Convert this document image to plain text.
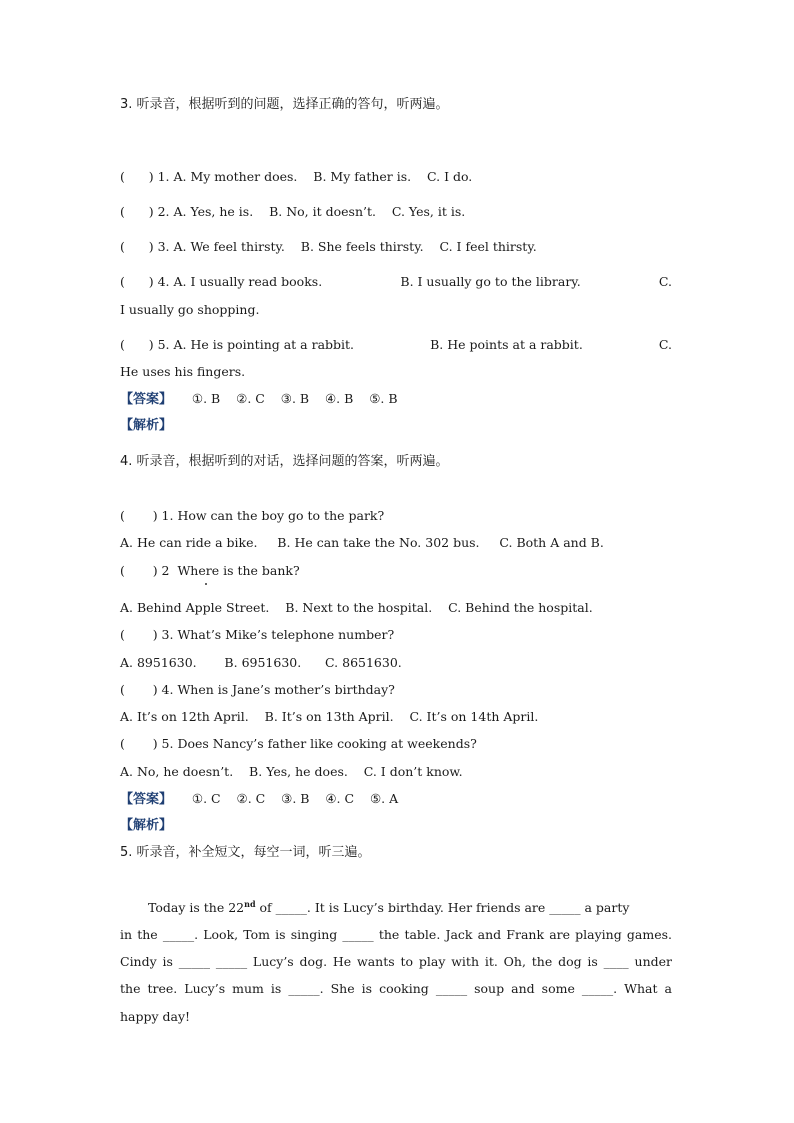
3. 听录音，根据听到的问题，选择正确的答句，听两遍。
(      ) 1. A. My mother does.    B. My father is.    C. I do.
(      ) 2. A. Yes, he is.    B. No, it doesn’t.    C. Yes, it is.
(      ) 3. A. We feel thirsty.    B. She feels thirsty.    C. I feel thirsty.
(      ) 4. A. I usually read books.	B. I usually go to the library.	C.
I usually go shopping.
(      ) 5. A. He is pointing at a rabbit.	B. He points at a rabbit.	C.
He uses his fingers.
【答案】 ①. B    ②. C    ③. B    ④. B    ⑤. B
【解析】
4. 听录音，根据听到的对话，选择问题的答案，听两遍。
(       ) 1. How can the boy go to the park?
A. He can ride a bike.     B. He can take the No. 302 bus.     C. Both A and B.
(       ) 2  Where is the bank?
A. Behind Apple Street.    B. Next to the hospital.    C. Behind the hospital.
(       ) 3. What’s Mike’s telephone number?
A. 8951630.       B. 6951630.      C. 8651630.
(       ) 4. When is Jane’s mother’s birthday?
A. It’s on 12th April.    B. It’s on 13th April.    C. It’s on 14th April.
(       ) 5. Does Nancy’s father like cooking at weekends?
A. No, he doesn’t.    B. Yes, he does.    C. I don’t know.
【答案】 ①. C    ②. C    ③. B    ④. C    ⑤. A
【解析】
5. 听录音，补全短文，每空一词，听三遍。
Today is the 22nd of _____. It is Lucy’s birthday. Her friends are _____ a party
in the _____. Look, Tom is singing _____ the table. Jack and Frank are playing games.
Cindy is _____ _____ Lucy’s dog. He wants to play with it. Oh, the dog is ____ under
the tree. Lucy’s mum is _____. She is cooking _____ soup and some _____. What a
happy day!
